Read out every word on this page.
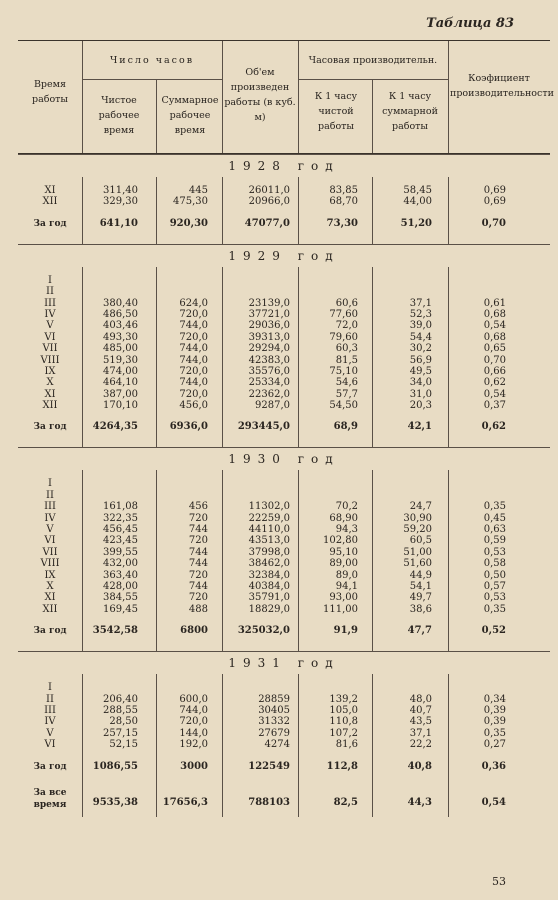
Таблица 83
Время работы
Число часов
Чистое рабочее время
Суммарное рабочее время
Об'ем произведен работы (в куб. м)
Часовая производительн.
К 1 часу чистой работы
К 1 часу суммарной работы
Коэфициент производительности
1928 год
XI	311,40	445	26011,0	83,85	58,45	0,69
XII	329,30	475,30	20966,0	68,70	44,00	0,69
За год	641,10	920,30	47077,0	73,30	51,20	0,70
1929 год
I
II
III	380,40	624,0	23139,0	60,6	37,1	0,61
IV	486,50	720,0	37721,0	77,60	52,3	0,68
V	403,46	744,0	29036,0	72,0	39,0	0,54
VI	493,30	720,0	39313,0	79,60	54,4	0,68
VII	485,00	744,0	29294,0	60,3	30,2	0,65
VIII	519,30	744,0	42383,0	81,5	56,9	0,70
IX	474,00	720,0	35576,0	75,10	49,5	0,66
X	464,10	744,0	25334,0	54,6	34,0	0,62
XI	387,00	720,0	22362,0	57,7	31,0	0,54
XII	170,10	456,0	9287,0	54,50	20,3	0,37
За год	4264,35	6936,0	293445,0	68,9	42,1	0,62
1930 год
I
II
III	161,08	456	11302,0	70,2	24,7	0,35
IV	322,35	720	22259,0	68,90	30,90	0,45
V	456,45	744	44110,0	94,3	59,20	0,63
VI	423,45	720	43513,0	102,80	60,5	0,59
VII	399,55	744	37998,0	95,10	51,00	0,53
VIII	432,00	744	38462,0	89,00	51,60	0,58
IX	363,40	720	32384,0	89,0	44,9	0,50
X	428,00	744	40384,0	94,1	54,1	0,57
XI	384,55	720	35791,0	93,00	49,7	0,53
XII	169,45	488	18829,0	111,00	38,6	0,35
За год	3542,58	6800	325032,0	91,9	47,7	0,52
1931 год
I
II	206,40	600,0	28859	139,2	48,0	0,34
III	288,55	744,0	30405	105,0	40,7	0,39
IV	28,50	720,0	31332	110,8	43,5	0,39
V	257,15	144,0	27679	107,2	37,1	0,35
VI	52,15	192,0	4274	81,6	22,2	0,27
За год	1086,55	3000	122549	112,8	40,8	0,36
За все время	9535,38	17656,3	788103	82,5	44,3	0,54
53
